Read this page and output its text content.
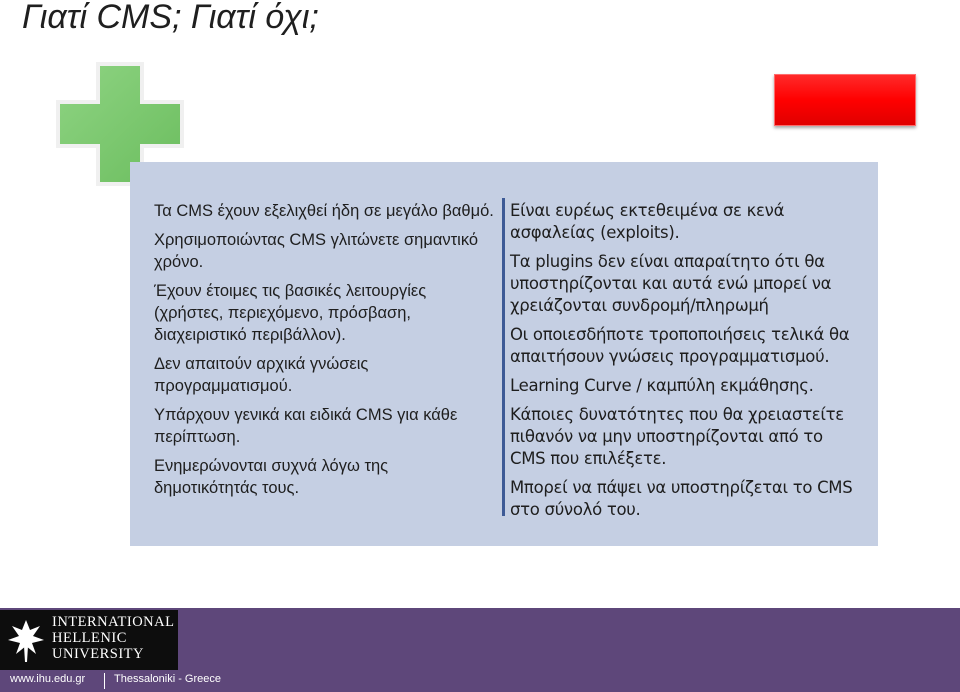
Γιατί CMS; Γιατί όχι;

Τα CMS έχουν εξελιχθεί ήδη σε μεγάλο βαθμό.

Χρησιμοποιώντας CMS γλιτώνετε σημαντικό χρόνο.

Έχουν έτοιμες τις βασικές λειτουργίες (χρήστες, περιεχόμενο, πρόσβαση, διαχειριστικό περιβάλλον).

Δεν απαιτούν αρχικά γνώσεις προγραμματισμού.

Υπάρχουν γενικά και ειδικά CMS για κάθε περίπτωση.

Ενημερώνονται συχνά λόγω της δημοτικότητάς τους.

Είναι ευρέως εκτεθειμένα σε κενά ασφαλείας (exploits).

Τα plugins δεν είναι απαραίτητο ότι θα υποστηρίζονται και αυτά ενώ μπορεί να χρειάζονται συνδρομή/πληρωμή

Οι οποιεσδήποτε τροποποιήσεις τελικά θα απαιτήσουν γνώσεις προγραμματισμού.

Learning Curve / καμπύλη εκμάθησης.

Κάποιες δυνατότητες που θα χρειαστείτε πιθανόν να μην υποστηρίζονται από το CMS που επιλέξετε.

Μπορεί να πάψει να υποστηρίζεται το CMS στο σύνολό του.

INTERNATIONAL
HELLENIC
UNIVERSITY
www.ihu.edu.gr	Thessaloniki - Greece
